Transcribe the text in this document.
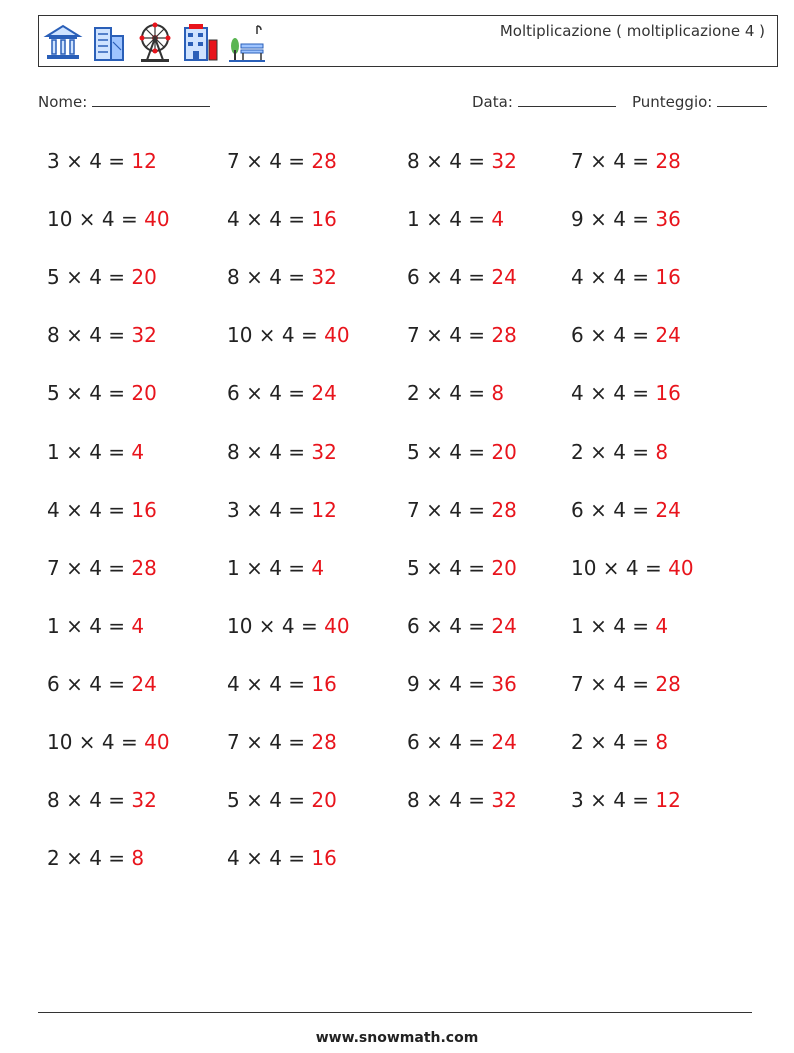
Moltiplicazione ( moltiplicazione 4 )
Nome:	Data:	Punteggio:
3 × 4 = 12	7 × 4 = 28	8 × 4 = 32	7 × 4 = 28
10 × 4 = 40	4 × 4 = 16	1 × 4 = 4	9 × 4 = 36
5 × 4 = 20	8 × 4 = 32	6 × 4 = 24	4 × 4 = 16
8 × 4 = 32	10 × 4 = 40	7 × 4 = 28	6 × 4 = 24
5 × 4 = 20	6 × 4 = 24	2 × 4 = 8	4 × 4 = 16
1 × 4 = 4	8 × 4 = 32	5 × 4 = 20	2 × 4 = 8
4 × 4 = 16	3 × 4 = 12	7 × 4 = 28	6 × 4 = 24
7 × 4 = 28	1 × 4 = 4	5 × 4 = 20	10 × 4 = 40
1 × 4 = 4	10 × 4 = 40	6 × 4 = 24	1 × 4 = 4
6 × 4 = 24	4 × 4 = 16	9 × 4 = 36	7 × 4 = 28
10 × 4 = 40	7 × 4 = 28	6 × 4 = 24	2 × 4 = 8
8 × 4 = 32	5 × 4 = 20	8 × 4 = 32	3 × 4 = 12
2 × 4 = 8	4 × 4 = 16
www.snowmath.com
